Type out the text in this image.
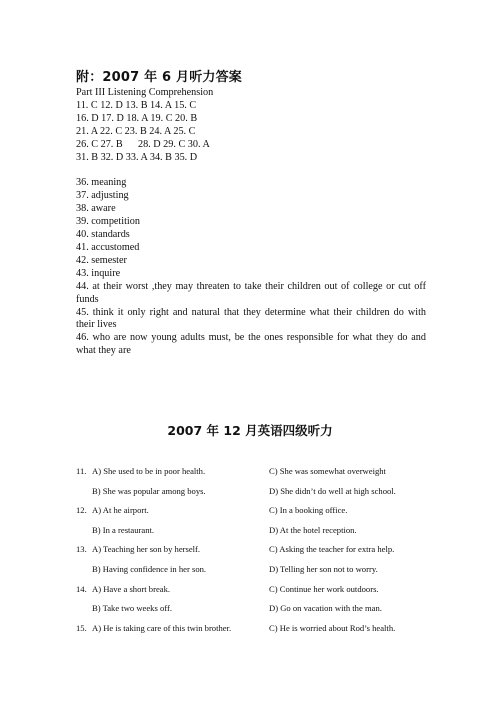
附：2007 年 6 月听力答案
Part III Listening Comprehension
11. C 12. D 13. B 14. A 15. C
16. D 17. D 18. A 19. C 20. B
21. A 22. C 23. B 24. A 25. C
26. C 27. B      28. D 29. C 30. A
31. B 32. D 33. A 34. B 35. D
36. meaning
37. adjusting
38. aware
39. competition
40. standards
41. accustomed
42. semester
43. inquire
44. at their worst ,they may threaten to take their children out of college or cut off funds
45. think it only right and natural that they determine what their children do with their lives
46. who are now young adults must, be the ones responsible for what they do and what they are
2007 年 12 月英语四级听力
11. A) She used to be in poor health.	C) She was somewhat overweight
B) She was popular among boys.	D) She didn’t do well at high school.
12. A) At he airport.	C) In a booking office.
B) In a restaurant.	D) At the hotel reception.
13. A) Teaching her son by herself.	C) Asking the teacher for extra help.
B) Having confidence in her son.	D) Telling her son not to worry.
14. A) Have a short break.	C) Continue her work outdoors.
B) Take two weeks off.	D) Go on vacation with the man.
15. A) He is taking care of this twin brother.	C) He is worried about Rod’s health.
